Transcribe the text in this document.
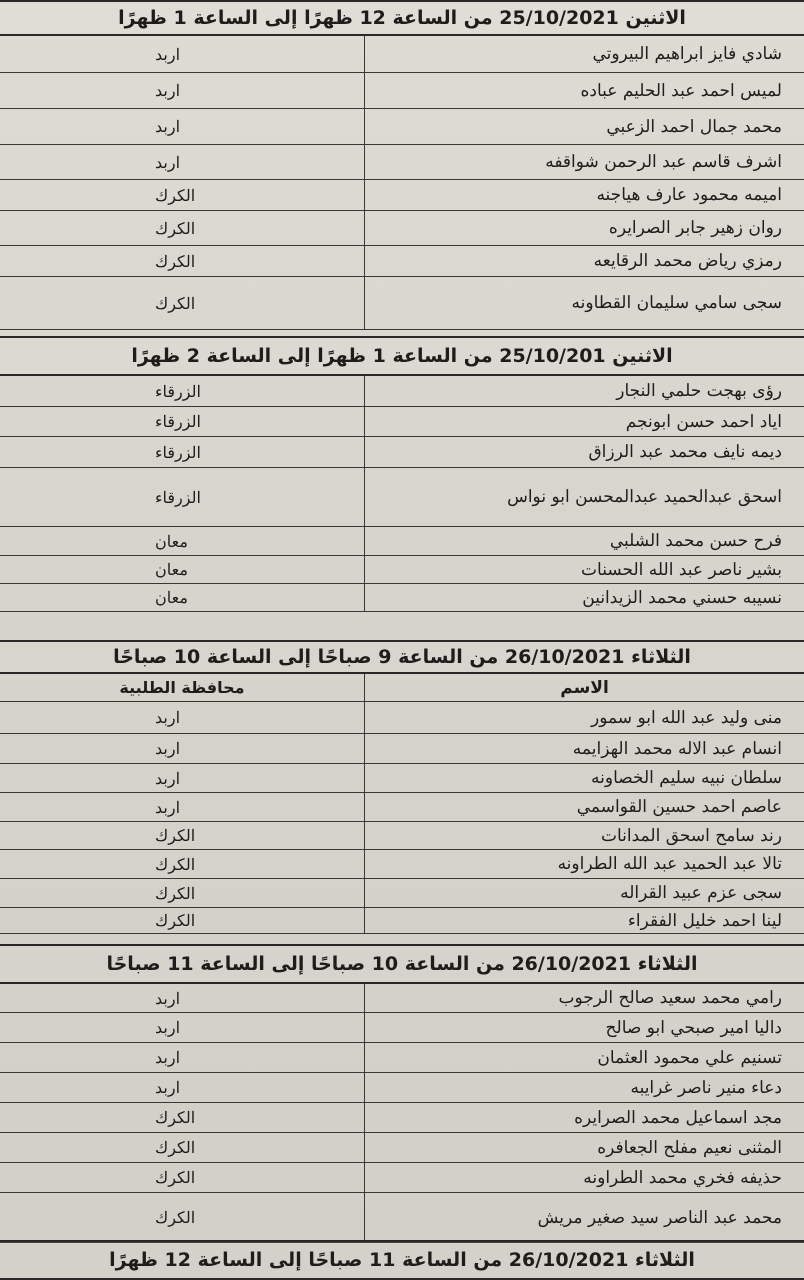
الاثنين 25/10/2021 من الساعة 12 ظهرًا إلى الساعة 1 ظهرًا
شادي فايز ابراهيم البيروتي
اربد
لميس احمد عبد الحليم عباده
اربد
محمد جمال احمد الزعبي
اربد
اشرف قاسم عبد الرحمن شواقفه
اربد
اميمه محمود عارف هياجنه
الكرك
روان زهير جابر الصرايره
الكرك
رمزي رياض محمد الرقايعه
الكرك
سجى سامي سليمان القطاونه
الكرك
الاثنين 25/10/201 من الساعة 1 ظهرًا إلى الساعة 2 ظهرًا
رؤى بهجت حلمي النجار
الزرقاء
اياد احمد حسن ابونجم
الزرقاء
ديمه نايف محمد عبد الرزاق
الزرقاء
اسحق عبدالحميد عبدالمحسن ابو نواس
الزرقاء
فرح حسن محمد الشلبي
معان
بشير ناصر عبد الله الحسنات
معان
نسيبه حسني محمد الزيدانين
معان
الثلاثاء 26/10/2021 من الساعة 9 صباحًا إلى الساعة 10 صباحًا
الاسم
محافظة الطلبية
منى وليد عبد الله ابو سمور
اربد
انسام عبد الاله محمد الهزايمه
اربد
سلطان نبيه سليم الخصاونه
اربد
عاصم احمد حسين القواسمي
اربد
رند سامح اسحق المدانات
الكرك
تالا عبد الحميد عبد الله الطراونه
الكرك
سجى عزم عبيد القراله
الكرك
لينا احمد خليل الفقراء
الكرك
الثلاثاء 26/10/2021 من الساعة 10 صباحًا إلى الساعة 11 صباحًا
رامي محمد سعيد صالح الرجوب
اربد
داليا امير صبحي ابو صالح
اربد
تسنيم علي محمود العثمان
اربد
دعاء منير ناصر غرايبه
اربد
مجد اسماعيل محمد الصرايره
الكرك
المثنى نعيم مفلح الجعافره
الكرك
حذيفه فخري محمد الطراونه
الكرك
محمد عبد الناصر سيد صغير مريش
الكرك
الثلاثاء 26/10/2021 من الساعة 11 صباحًا إلى الساعة 12 ظهرًا
